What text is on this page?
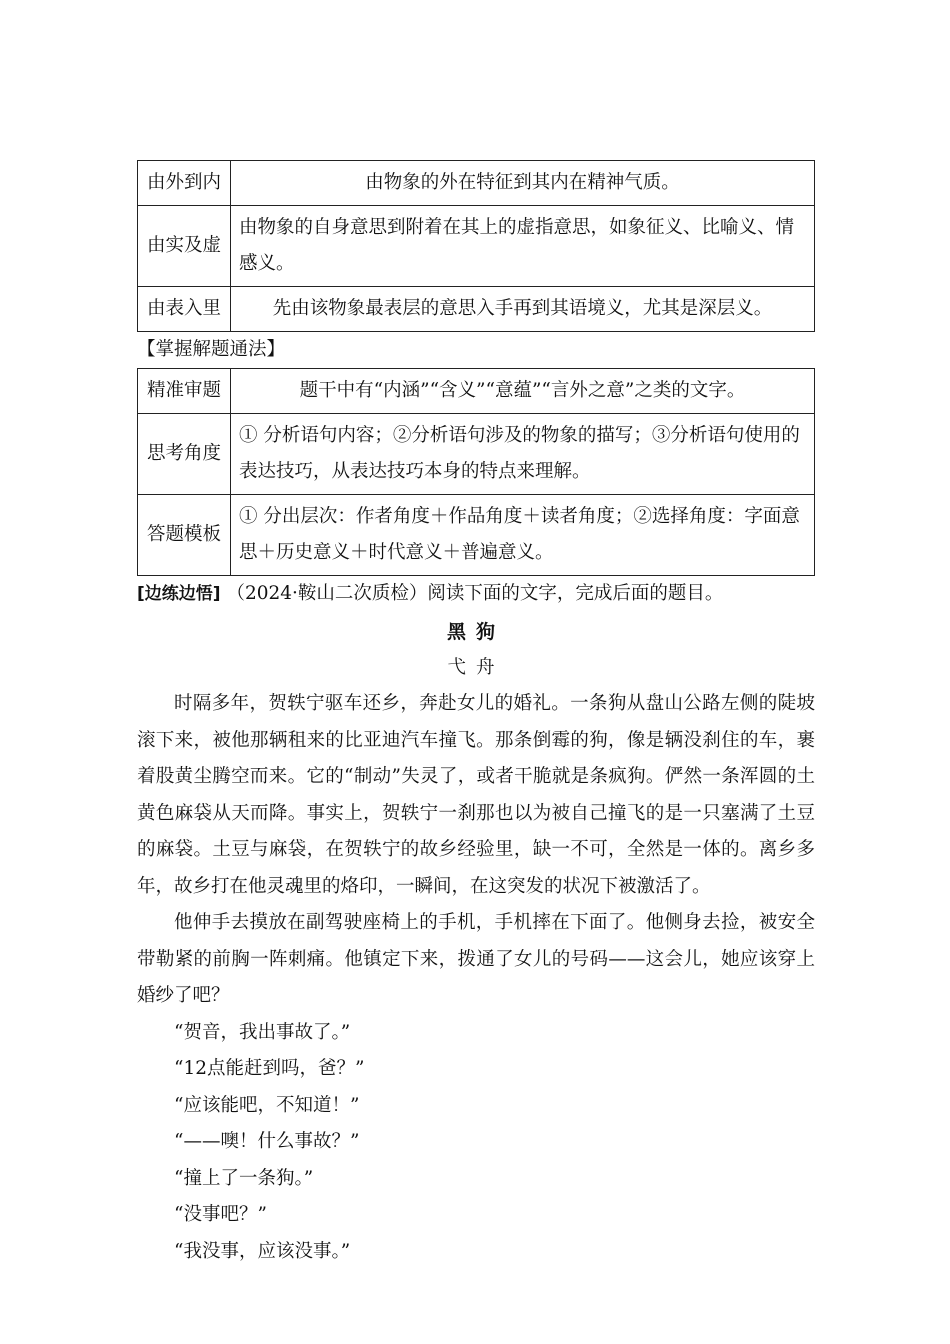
由外到内	由物象的外在特征到其内在精神气质。
由实及虚	由物象的自身意思到附着在其上的虚指意思，如象征义、比喻义、情感义。
由表入里	先由该物象最表层的意思入手再到其语境义，尤其是深层义。
【掌握解题通法】
精准审题	题干中有“内涵”“含义”“意蕴”“言外之意”之类的文字。
思考角度	① 分析语句内容；②分析语句涉及的物象的描写；③分析语句使用的表达技巧，从表达技巧本身的特点来理解。
答题模板	① 分出层次：作者角度＋作品角度＋读者角度；②选择角度：字面意思＋历史意义＋时代意义＋普遍意义。
[边练边悟] （2024·鞍山二次质检）阅读下面的文字，完成后面的题目。
黑狗
弋舟

时隔多年，贺轶宁驱车还乡，奔赴女儿的婚礼。一条狗从盘山公路左侧的陡坡滚下来，被他那辆租来的比亚迪汽车撞飞。那条倒霉的狗，像是辆没刹住的车，裹着股黄尘腾空而来。它的“制动”失灵了，或者干脆就是条疯狗。俨然一条浑圆的土黄色麻袋从天而降。事实上，贺轶宁一刹那也以为被自己撞飞的是一只塞满了土豆的麻袋。土豆与麻袋，在贺轶宁的故乡经验里，缺一不可，全然是一体的。离乡多年，故乡打在他灵魂里的烙印，一瞬间，在这突发的状况下被激活了。

他伸手去摸放在副驾驶座椅上的手机，手机摔在下面了。他侧身去捡，被安全带勒紧的前胸一阵刺痛。他镇定下来，拨通了女儿的号码——这会儿，她应该穿上婚纱了吧？

“贺音，我出事故了。”

“12点能赶到吗，爸？”

“应该能吧，不知道！”

“——噢！什么事故？”

“撞上了一条狗。”

“没事吧？”

“我没事，应该没事。”
